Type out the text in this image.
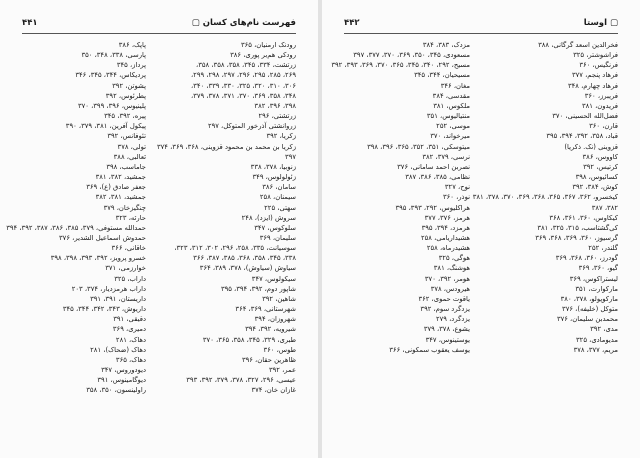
فهرست نام‌های کسان ▢
۴۴۱
رودنک ارمنیان، ۳۶۵
رودکی هم‌بر پوری، ۳۸۶
زرتشت، ۳۳۴، ۳۴۵، ۳۵۸، ۳۵۸، ۳۵۸،
۲۶۹، ۲۸۵، ۲۹۵، ۲۹۶، ۲۹۷، ۲۹۸، ۲۹۹،
۳۰۶، ۳۱۰، ۳۲۰، ۳۲۵، ۳۳۰، ۳۳۹، ۳۴۰،
۳۴۸، ۳۵۸، ۳۶۹، ۳۷۰، ۳۷۱، ۳۷۸، ۳۷۹،
۳۹۸، ۳۹۶، ۳۸۲
زرتشتی، ۲۹۶
زروانشتی آذرخور المتوکل، ۲۹۷
زکریا، ۳۹۲
زکریا بن محمد بن محمود قزوینی، ۳۶۸، ۳۶۹، ۳۷۴
۳۹۷
زنوبیا، ۳۷۸، ۳۳۸
زئولولوس، ۳۴۹
سامان، ۳۸۶
سیمنان، ۲۵۸
سهتی، ۲۲۵
سروش (ایزد)، ۲۴۸
سلوکوس، ۳۴۷
سلیمان، ۳۶۹
سوسیانت، ۳۳۵، ۲۵۸، ۲۹۶، ۳۰۲، ۳۱۲، ۳۲۳،
۳۳۸، ۳۴۵، ۳۵۸، ۳۶۸، ۳۸۵، ۳۸۷، ۳۶۶
سیاوش (سیاوش)، ۳۷۸، ۳۸۹، ۳۶۴
سیکولوس، ۳۴۷
شاپور دوم، ۳۹۲، ۳۹۴، ۳۹۵
شاهین، ۳۹۲
شهرستانی، ۳۶۹، ۳۶۴
شهروزان، ۳۹۴
شیرویه، ۳۹۲، ۳۹۴
طبری، ۳۲۹، ۳۴۵، ۳۵۸، ۳۶۵، ۳۷۰
طوس، ۳۶۰
ظاهرین حقان، ۳۹۶
عمر، ۳۹۲
عیسی، ۲۹۶، ۳۲۷، ۳۷۸، ۳۷۹، ۳۹۲، ۳۹۳
غازان خان، ۳۷۴
پاپک، ۳۸۶
پارسی، ۳۳۸، ۳۴۸، ۳۵۰
پرداز، ۳۴۵
پردیکاس، ۳۴۴، ۳۴۵، ۳۴۶
پشوتن، ۳۹۲
پطرئوس، ۳۹۲
پلینیوس، ۳۹۶، ۳۹۹، ۳۷۰
پیره، ۳۹۲، ۳۴۵
پیکول آفرین، ۳۸۱، ۳۷۹، ۳۹۰
تئوفانس، ۳۹۲
تولی، ۳۷۸
ثعالبی، ۳۸۸
جاماسب، ۳۹۸
جمشید، ۳۸۲، ۳۸۱
جعفر صادق (ع)، ۳۶۹
جمشید، ۳۸۱، ۳۸۲
چنگیزخان، ۳۷۹
حارثه، ۳۲۳
حمدالله مستوفی، ۳۷۹، ۳۸۵، ۳۸۶، ۳۸۷، ۳۹۲، ۳۹۴
حمدوش اسماعیل الشدیر، ۳۷۶
خاقانی، ۳۶۶
خسرو پرویز، ۳۹۲، ۳۹۳، ۳۹۸، ۳۹۸
خوارزمی، ۳۷۱
داراب، ۳۲۵
داراب هرمزدیار، ۳۷۴، ۲۰۳
داریستان، ۳۹۱، ۳۹۱
داریوش، ۳۴۳، ۳۴۲، ۳۴۴، ۳۴۵
دقیقی، ۳۹۱
دمیری، ۳۶۹
دهاک، ۲۸۱
دهاک (ضحاک)، ۲۸۱
دهاک، ۳۶۵
دیودوروس، ۳۴۷
دیوگامینوس، ۳۹۱
راولینسون، ۳۵۰، ۳۵۸
▢ اوستا
۴۴۲
فخرالدین اسعد گرگانی، ۳۸۸
فراشوشتر، ۳۲۵
فرنگیس، ۳۶۰
فرهاد پنجم، ۳۷۷
فرهاد چهارم، ۳۴۸
فریبرز، ۳۶۰
فریدون، ۳۸۱
فضل‌الله الحسینی، ۳۷۰
قارن، ۳۶۰
قباد، ۳۵۸، ۳۹۲، ۳۹۴، ۳۹۵
قزوینی (نک. ذکریا)
کاووس، ۳۸۶
کرتیس، ۳۹۲
کسائیوس، ۳۹۸
کوش، ۳۸۴، ۳۹۲
کیخسرو، ۳۶۲، ۳۶۷، ۳۶۵، ۳۶۸، ۳۶۹، ۳۷۰، ۳۷۸، ۳۸۱
۳۸۲، ۳۸۷
کیکاوس، ۳۶۰، ۳۶۱، ۳۶۸
کی‌گشتاسب، ۳۱۵، ۳۲۵، ۳۸۱
گرسیوز، ۳۶۰، ۳۶۹، ۳۶۸، ۳۶۹
گلندر، ۲۵۲
گودرز، ۳۶۰، ۳۶۸، ۳۶۹
گیو، ۳۶۰، ۳۶۹
لیستراکوس، ۳۶۹
مارکوارت، ۳۵۱
مارکوپولو، ۳۷۸، ۳۸۰
متوکل (خلیفه)، ۳۷۶
محمدبن سلیمان، ۳۷۶
مدی، ۳۹۲
مدیومادی، ۳۲۵
مریم، ۳۷۷، ۳۷۸
مزدک، ۳۸۳، ۳۸۴
مسعودی، ۳۴۵، ۳۵۰، ۳۶۹، ۳۷۰، ۳۷۷، ۳۹۷
مسیح، ۲۹۲، ۳۴۰، ۳۴۵، ۳۶۵، ۳۷۰، ۳۶۹، ۳۹۳، ۳۹۲
مسیحیان، ۳۴۴، ۳۴۵
مغان، ۳۴۶
مقدسی، ۳۸۴
ملکوس، ۳۸۱
منتیالیوس، ۳۵۱
موسی، ۲۵۲
میرخواند، ۳۷۰
میتوسکی، ۳۵۱، ۳۵۲، ۳۶۵، ۳۹۶، ۳۹۸
نرسی، ۳۷۹، ۳۸۲
نصربن احمد سامانی، ۳۷۶
نظامی، ۳۸۵، ۳۸۶، ۳۸۷
نوح، ۳۲۷
نوذر، ۳۶۰
هراکلیوس، ۲۹۲، ۳۹۳، ۳۹۵
هرمز، ۳۷۶، ۳۷۷
هرمزد، ۳۹۴، ۳۹۵
هشیداریامی، ۲۵۸
هشیدرماه، ۲۵۸
هوگی، ۳۲۵
هوشنگ، ۳۸۱
هومر، ۳۹۲، ۳۷۰
هیرودس، ۳۷۸
یاقوت حموی، ۳۶۲
یزدگرد سوم، ۳۹۲
یزدگرد، ۲۷۹
یشوع، ۳۷۸، ۳۷۹
یوستینوس، ۳۴۷
یوسف یعقوب سمکونی، ۳۶۶
